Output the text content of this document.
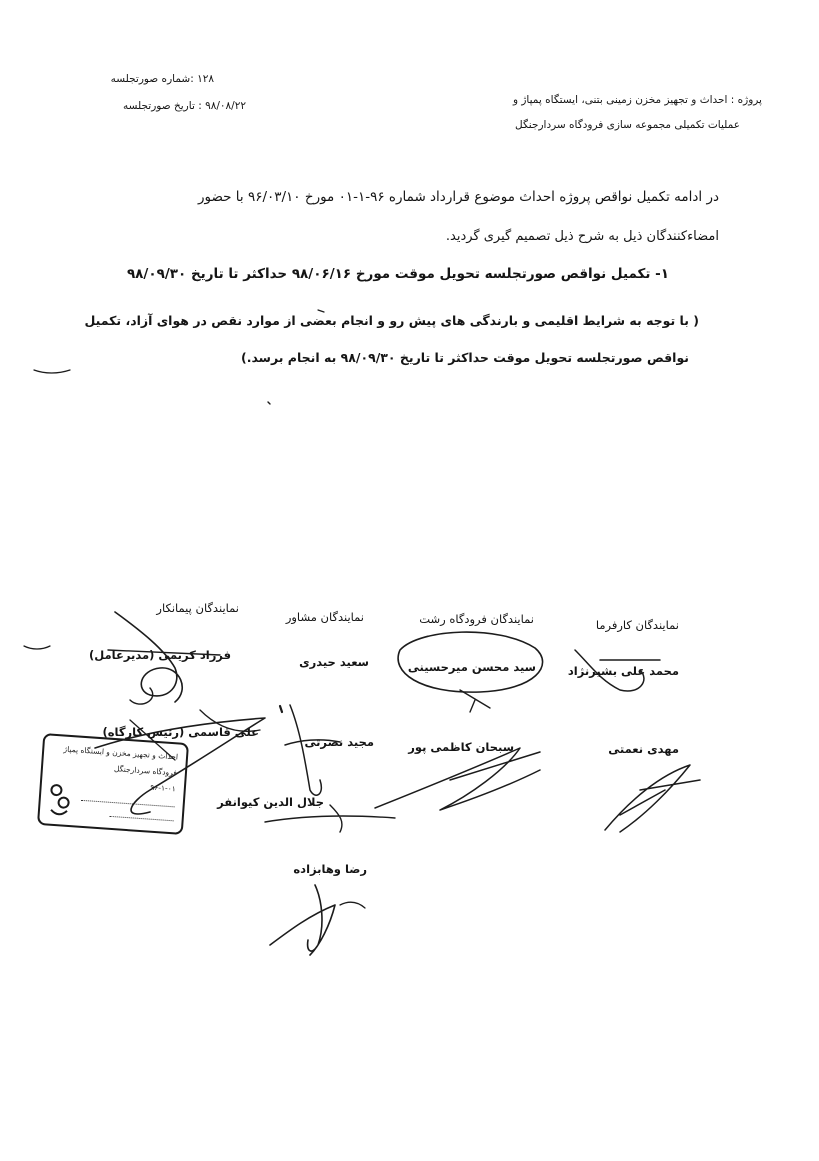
۱۲۸ :شماره صورتجلسه
۹۸/۰۸/۲۲ : تاریخ صورتجلسه	پروژه : احداث و تجهیز مخزن زمینی بتنی، ایستگاه پمپاژ و
عملیات تکمیلی مجموعه سازی فرودگاه سردارجنگل
در ادامه تکمیل نواقص پروژه احداث موضوع قرارداد شماره ۹۶-۱-۰۱ مورخ ۹۶/۰۳/۱۰ با حضور
امضاءکنندگان ذیل به شرح ذیل تصمیم گیری گردید.
۱- تکمیل نواقص صورتجلسه تحویل موقت مورخ ۹۸/۰۶/۱۶ حداکثر تا تاریخ ۹۸/۰۹/۳۰
( با توجه به شرایط اقلیمی و بارندگی های پیش رو و انجام بعضی از موارد نقص در هوای آزاد، تکمیل
نواقص صورتجلسه تحویل موقت حداکثر تا تاریخ ۹۸/۰۹/۳۰ به انجام برسد.)
نمایندگان پیمانکار
نمایندگان مشاور	نمایندگان فرودگاه رشت	نمایندگان کارفرما
فرزاد کریمی (مدیرعامل)	سعید حیدری	سید محسن میرحسینی	محمد علی بشیرنژاد
علی قاسمی (رئیس کارگاه)
مجید نصرتی	سبحان کاظمی پور	مهدی نعمتی
جلال الدین کیوانفر
رضا وهابزاده
احداث و تجهیز مخزن و ایستگاه پمپاژ
فرودگاه سردارجنگل
۹۶-۱-۰۱
